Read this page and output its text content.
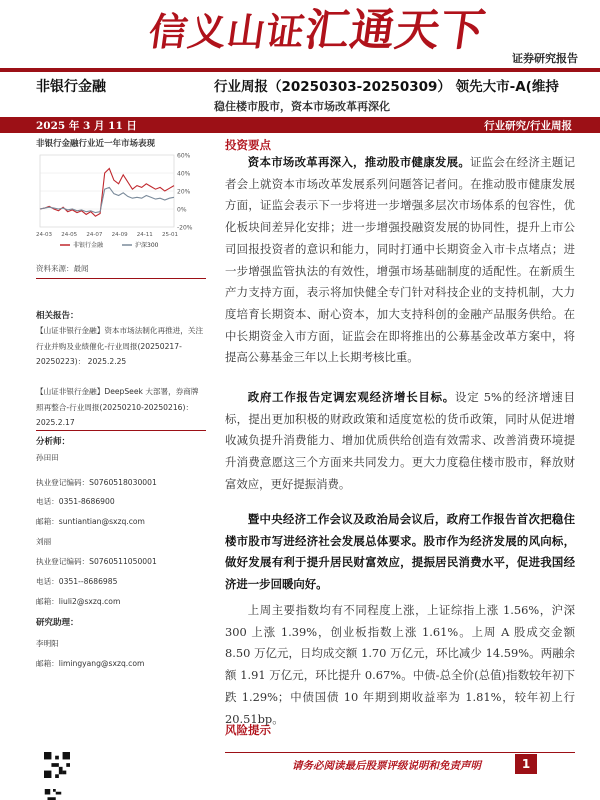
信义山证汇通天下
证券研究报告
非银行金融	行业周报（20250303-20250309） 领先大市-A(维持
稳住楼市股市，资本市场改革再深化
2025 年 3 月 11 日	行业研究/行业周报
非银行金融行业近一年市场表现
60%
40%
20%
0%
-20%
24-03 24-05 24-07 24-09 24-11 25-01
非银行金融	沪深300
资料来源：最闻
相关报告：
【山证非银行金融】资本市场法制化再推进，关注行业并购及业绩催化-行业周报(20250217-20250223)： 2025.2.25
【山证非银行金融】DeepSeek 大部署，券商牌照再整合-行业周报(20250210-20250216)： 2025.2.17
分析师：
孙田田
执业登记编码：S0760518030001
电话：0351-8686900
邮箱：suntiantian@sxzq.com
刘丽
执业登记编码：S0760511050001
电话：0351--8686985
邮箱：liuli2@sxzq.com
研究助理：
李明阳
邮箱：limingyang@sxzq.com
投资要点
资本市场改革再深入，推动股市健康发展。证监会在经济主题记者会上就资本市场改革发展系列问题答记者问。在推动股市健康发展方面，证监会表示下一步将进一步增强多层次市场体系的包容性，优化板块间差异化安排；进一步增强投融资发展的协同性，提升上市公司回报投资者的意识和能力，同时打通中长期资金入市卡点堵点；进一步增强监管执法的有效性，增强市场基础制度的适配性。在新质生产力支持方面，表示将加快健全专门针对科技企业的支持机制，大力度培育长期资本、耐心资本，加大支持科创的金融产品服务供给。在中长期资金入市方面，证监会在即将推出的公募基金改革方案中，将提高公募基金三年以上长期考核比重。
政府工作报告定调宏观经济增长目标。设定 5%的经济增速目标，提出更加积极的财政政策和适度宽松的货币政策，同时从促进增收减负提升消费能力、增加优质供给创造有效需求、改善消费环境提升消费意愿这三个方面来共同发力。更大力度稳住楼市股市，释放财富效应，更好提振消费。
暨中央经济工作会议及政治局会议后，政府工作报告首次把稳住楼市股市写进经济社会发展总体要求。股市作为经济发展的风向标，做好发展有利于提升居民财富效应，提振居民消费水平，促进我国经济进一步回暖向好。
上周主要指数均有不同程度上涨，上证综指上涨 1.56%，沪深 300 上涨 1.39%，创业板指数上涨 1.61%。上周 A 股成交金额 8.50 万亿元，日均成交额 1.70 万亿元，环比减少 14.59%。两融余额 1.91 万亿元，环比提升 0.67%。中债-总全价(总值)指数较年初下跌 1.29%；中债国债 10 年期到期收益率为 1.81%，较年初上行 20.51bp。
风险提示
请务必阅读最后股票评级说明和免责声明	1
